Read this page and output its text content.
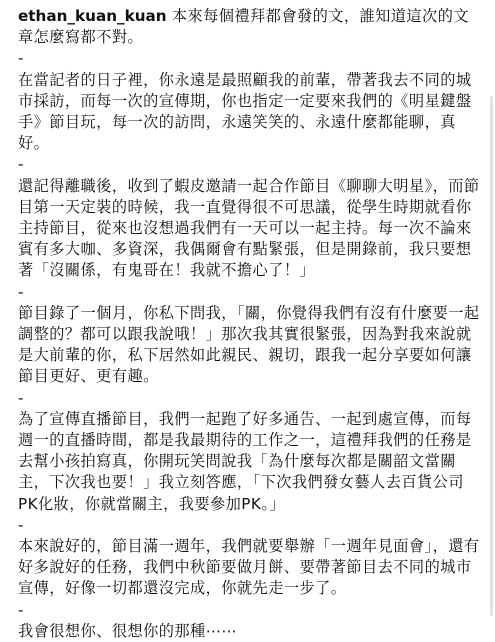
ethan_kuan_kuan 本來每個禮拜都會發的文，誰知道這次的文章怎麼寫都不對。
-
在當記者的日子裡，你永遠是最照顧我的前輩，帶著我去不同的城市採訪，而每一次的宣傳期，你也指定一定要來我們的《明星鍵盤手》節目玩，每一次的訪問，永遠笑笑的、永遠什麼都能聊，真好。
-
還記得離職後，收到了蝦皮邀請一起合作節目《聊聊大明星》，而節目第一天定裝的時候，我一直覺得很不可思議，從學生時期就看你主持節目，從來也沒想過我們有一天可以一起主持。每一次不論來賓有多大咖、多資深，我偶爾會有點緊張，但是開錄前，我只要想著「沒關係，有鬼哥在！我就不擔心了！」
-
節目錄了一個月，你私下問我，「關，你覺得我們有沒有什麼要一起調整的？都可以跟我說哦！」那次我其實很緊張，因為對我來說就是大前輩的你，私下居然如此親民、親切，跟我一起分享要如何讓節目更好、更有趣。
-
為了宣傳直播節目，我們一起跑了好多通告、一起到處宣傳，而每週一的直播時間，都是我最期待的工作之一，這禮拜我們的任務是去幫小孩拍寫真，你開玩笑問說我「為什麼每次都是關韶文當關主，下次我也要！」我立刻答應，「下次我們發女藝人去百貨公司PK化妝，你就當關主，我要參加PK。」
-
本來說好的，節目滿一週年，我們就要舉辦「一週年見面會」，還有好多說好的任務，我們中秋節要做月餅、要帶著節目去不同的城市宣傳，好像一切都還沒完成，你就先走一步了。
-
我會很想你、很想你的那種⋯⋯
